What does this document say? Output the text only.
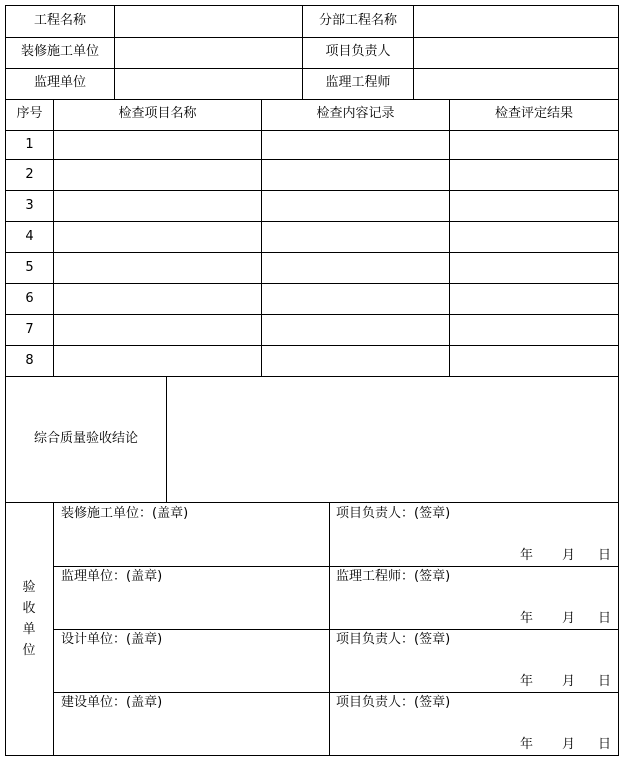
工程名称	分部工程名称
装修施工单位	项目负责人
监理单位	监理工程师
序号	检查项目名称	检查内容记录	检查评定结果
1
2
3
4
5
6
7
8
综合质量验收结论
验收单位
装修施工单位：(盖章)	项目负责人：(签章)
年 月 日
监理单位：(盖章)	监理工程师：(签章)
年 月 日
设计单位：(盖章)	项目负责人：(签章)
年 月 日
建设单位：(盖章)	项目负责人：(签章)
年 月 日
